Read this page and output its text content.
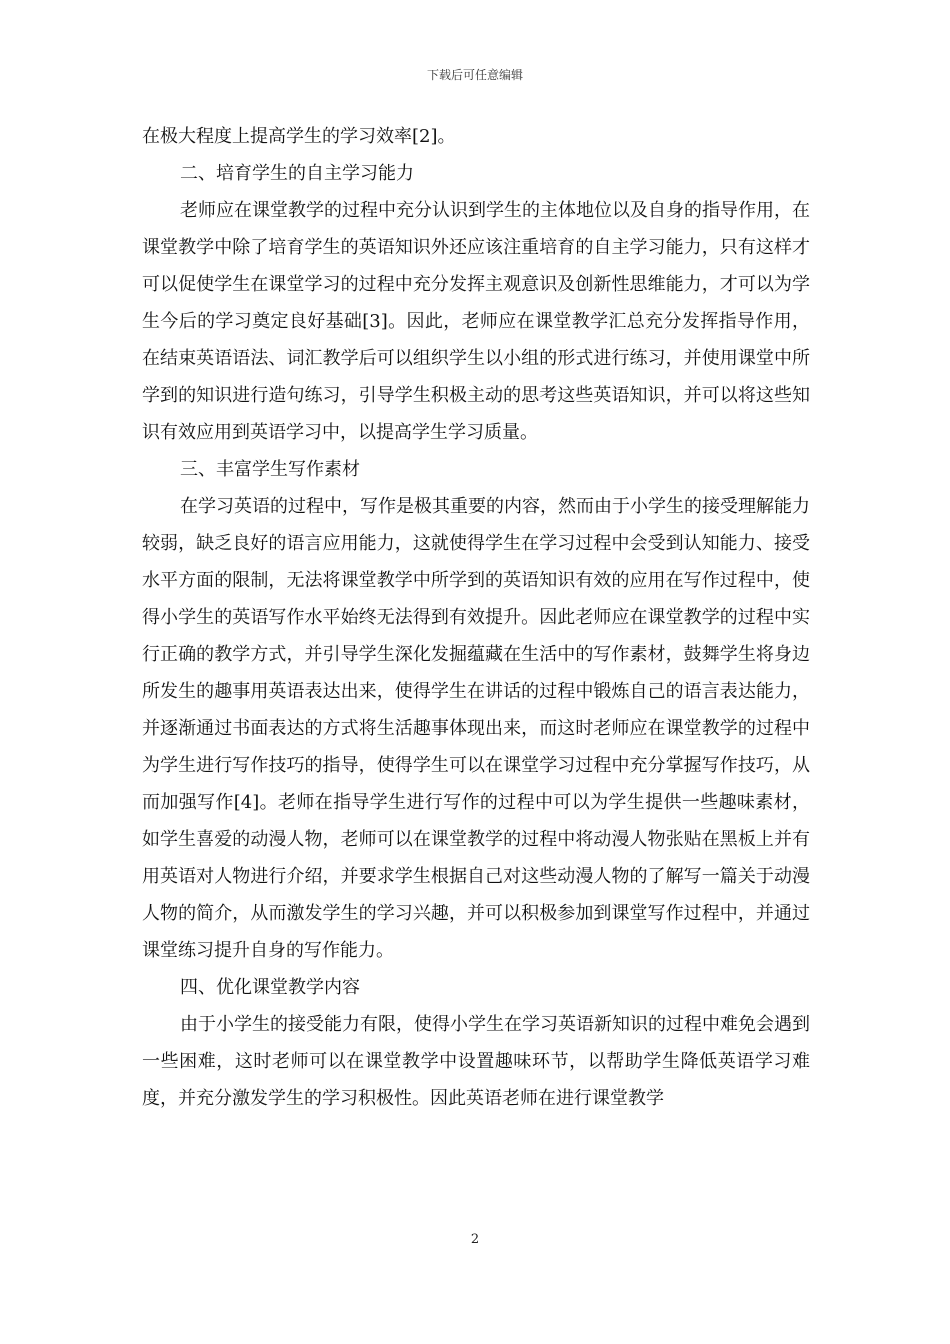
下载后可任意编辑

在极大程度上提高学生的学习效率[2]。

二、培育学生的自主学习能力

老师应在课堂教学的过程中充分认识到学生的主体地位以及自身的指导作用，在课堂教学中除了培育学生的英语知识外还应该注重培育的自主学习能力，只有这样才可以促使学生在课堂学习的过程中充分发挥主观意识及创新性思维能力，才可以为学生今后的学习奠定良好基础[3]。因此，老师应在课堂教学汇总充分发挥指导作用，在结束英语语法、词汇教学后可以组织学生以小组的形式进行练习，并使用课堂中所学到的知识进行造句练习，引导学生积极主动的思考这些英语知识，并可以将这些知识有效应用到英语学习中，以提高学生学习质量。

三、丰富学生写作素材

在学习英语的过程中，写作是极其重要的内容，然而由于小学生的接受理解能力较弱，缺乏良好的语言应用能力，这就使得学生在学习过程中会受到认知能力、接受水平方面的限制，无法将课堂教学中所学到的英语知识有效的应用在写作过程中，使得小学生的英语写作水平始终无法得到有效提升。因此老师应在课堂教学的过程中实行正确的教学方式，并引导学生深化发掘蕴藏在生活中的写作素材，鼓舞学生将身边所发生的趣事用英语表达出来，使得学生在讲话的过程中锻炼自己的语言表达能力，并逐渐通过书面表达的方式将生活趣事体现出来，而这时老师应在课堂教学的过程中为学生进行写作技巧的指导，使得学生可以在课堂学习过程中充分掌握写作技巧，从而加强写作[4]。老师在指导学生进行写作的过程中可以为学生提供一些趣味素材，如学生喜爱的动漫人物，老师可以在课堂教学的过程中将动漫人物张贴在黑板上并有用英语对人物进行介绍，并要求学生根据自己对这些动漫人物的了解写一篇关于动漫人物的简介，从而激发学生的学习兴趣，并可以积极参加到课堂写作过程中，并通过课堂练习提升自身的写作能力。

四、优化课堂教学内容

由于小学生的接受能力有限，使得小学生在学习英语新知识的过程中难免会遇到一些困难，这时老师可以在课堂教学中设置趣味环节，以帮助学生降低英语学习难度，并充分激发学生的学习积极性。因此英语老师在进行课堂教学

2
